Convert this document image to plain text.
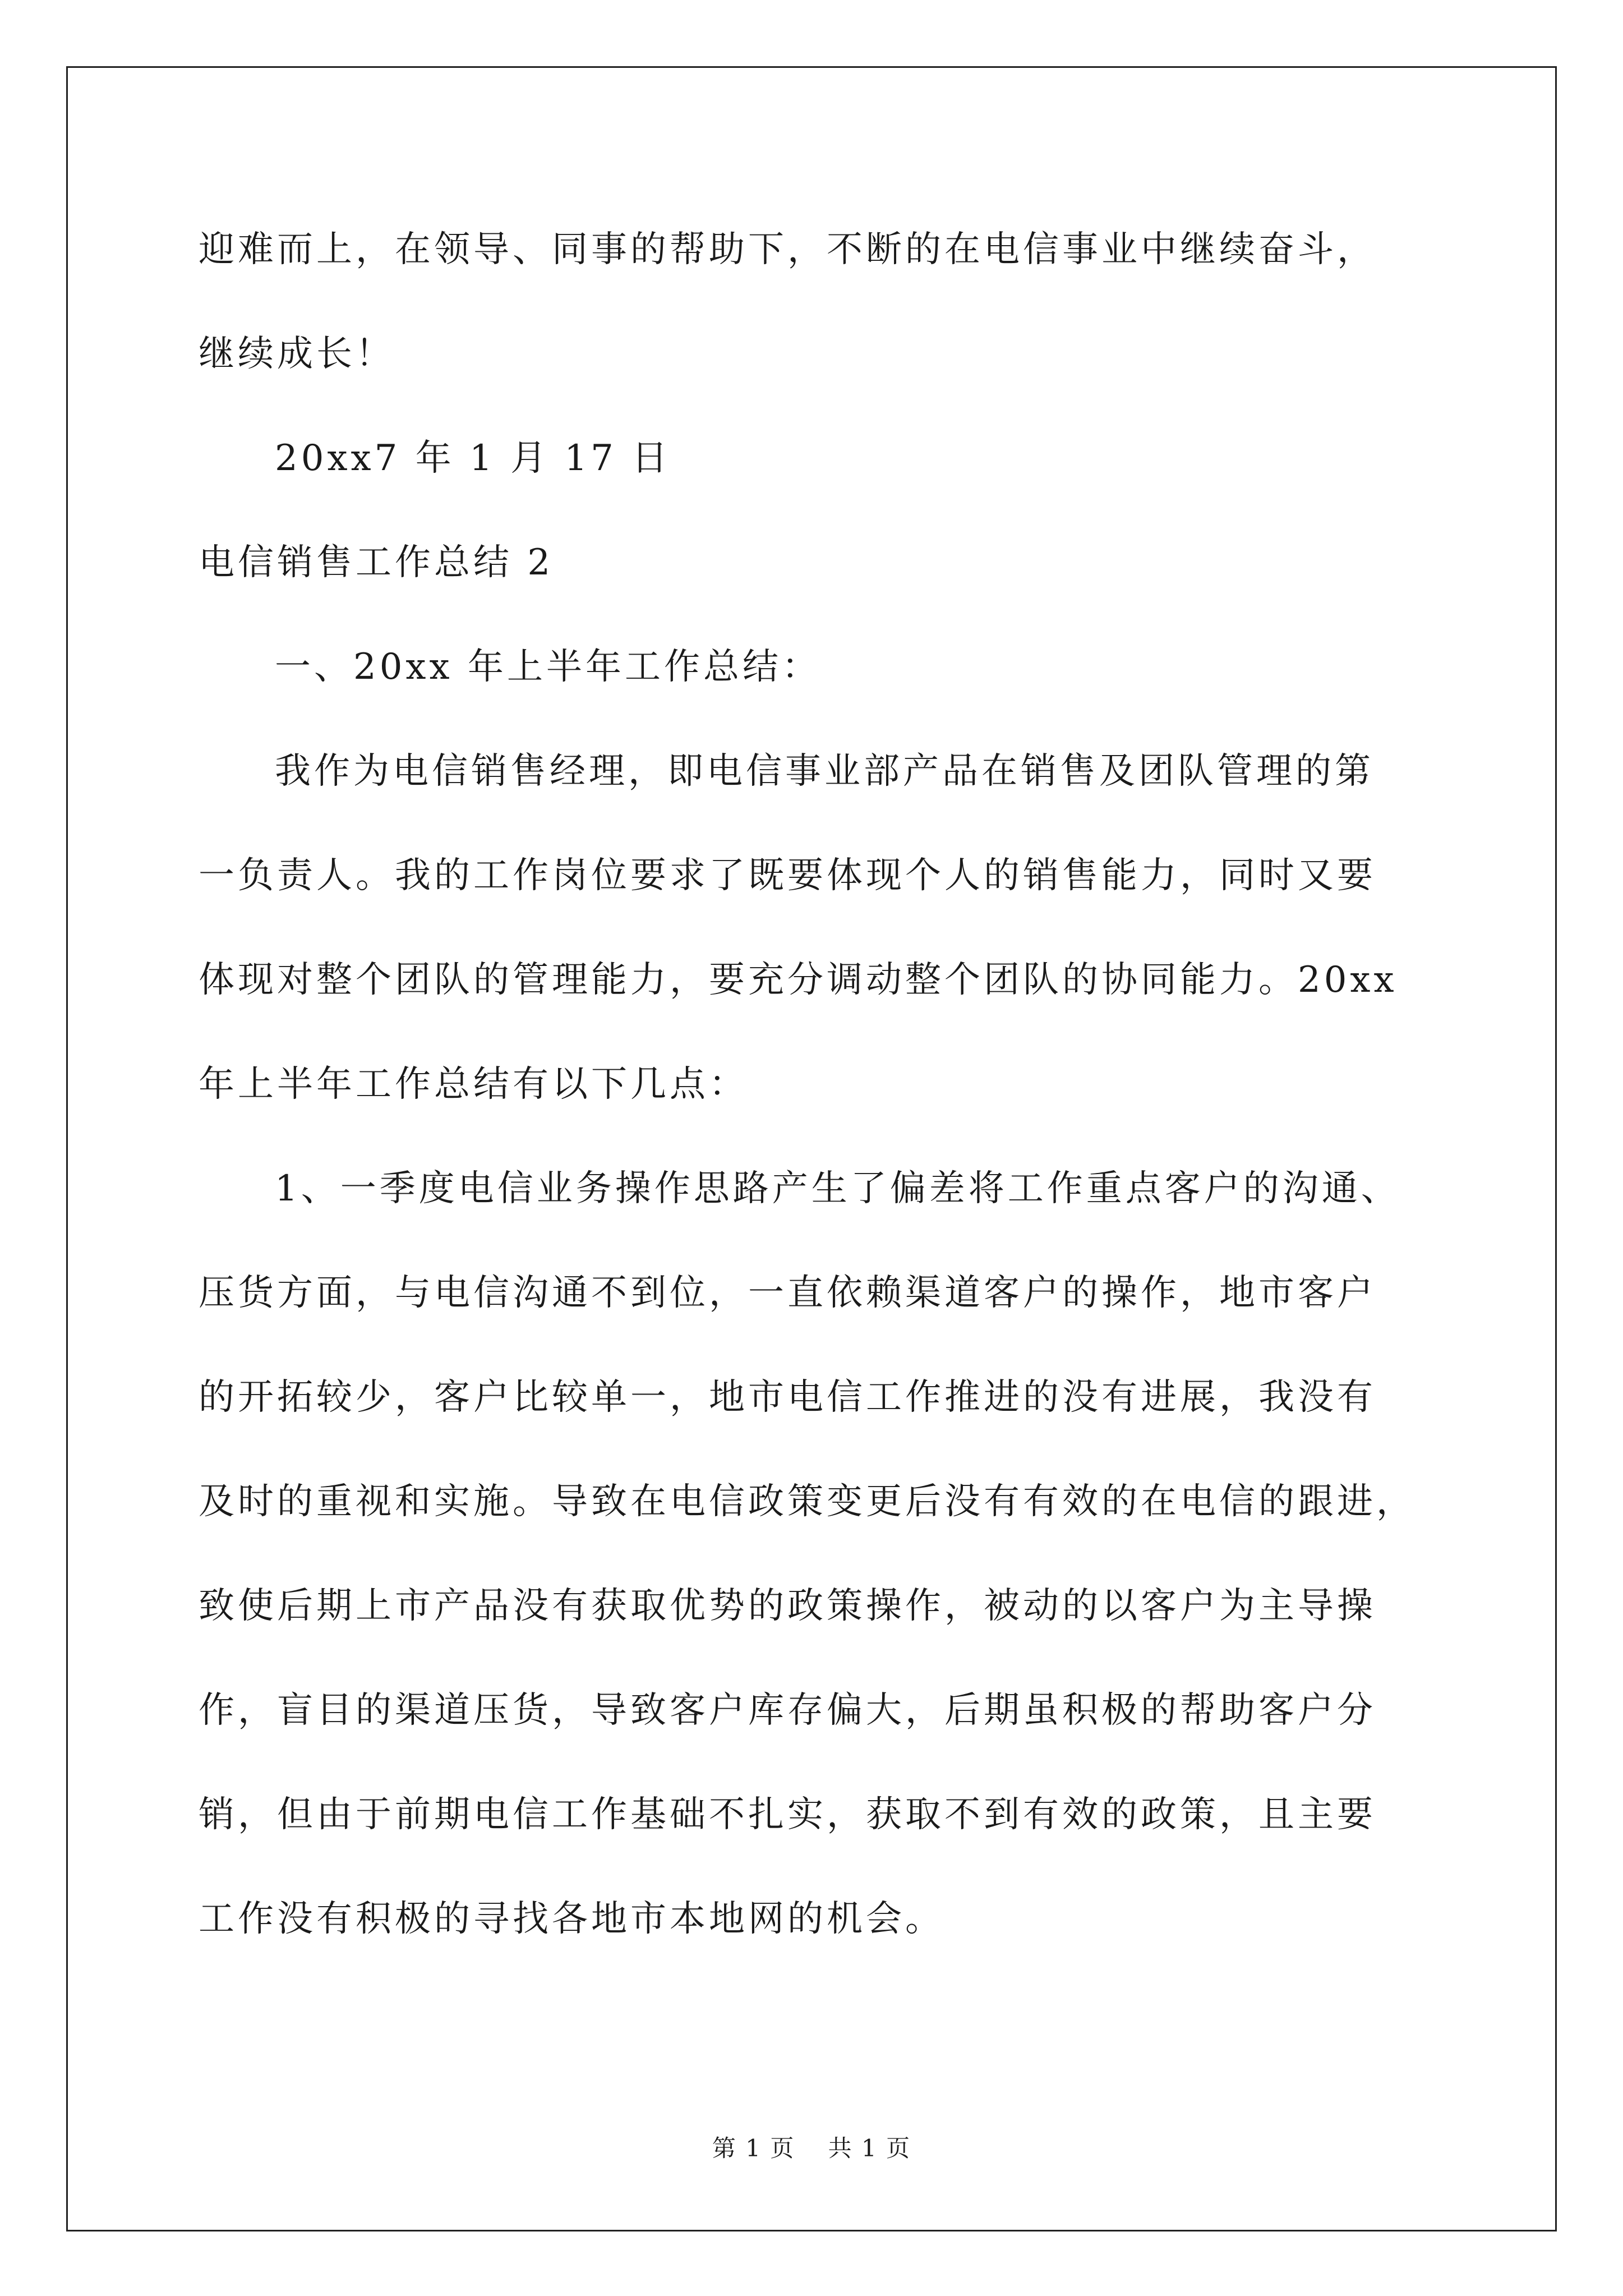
迎难而上，在领导、同事的帮助下，不断的在电信事业中继续奋斗，
继续成长！
20xx7 年 1 月 17 日
电信销售工作总结 2
一、20xx 年上半年工作总结：
我作为电信销售经理，即电信事业部产品在销售及团队管理的第
一负责人。我的工作岗位要求了既要体现个人的销售能力，同时又要
体现对整个团队的管理能力，要充分调动整个团队的协同能力。20xx
年上半年工作总结有以下几点：
1、一季度电信业务操作思路产生了偏差将工作重点客户的沟通、
压货方面，与电信沟通不到位，一直依赖渠道客户的操作，地市客户
的开拓较少，客户比较单一，地市电信工作推进的没有进展，我没有
及时的重视和实施。导致在电信政策变更后没有有效的在电信的跟进，
致使后期上市产品没有获取优势的政策操作，被动的以客户为主导操
作，盲目的渠道压货，导致客户库存偏大，后期虽积极的帮助客户分
销，但由于前期电信工作基础不扎实，获取不到有效的政策，且主要
工作没有积极的寻找各地市本地网的机会。
第 1 页　 共 1 页
